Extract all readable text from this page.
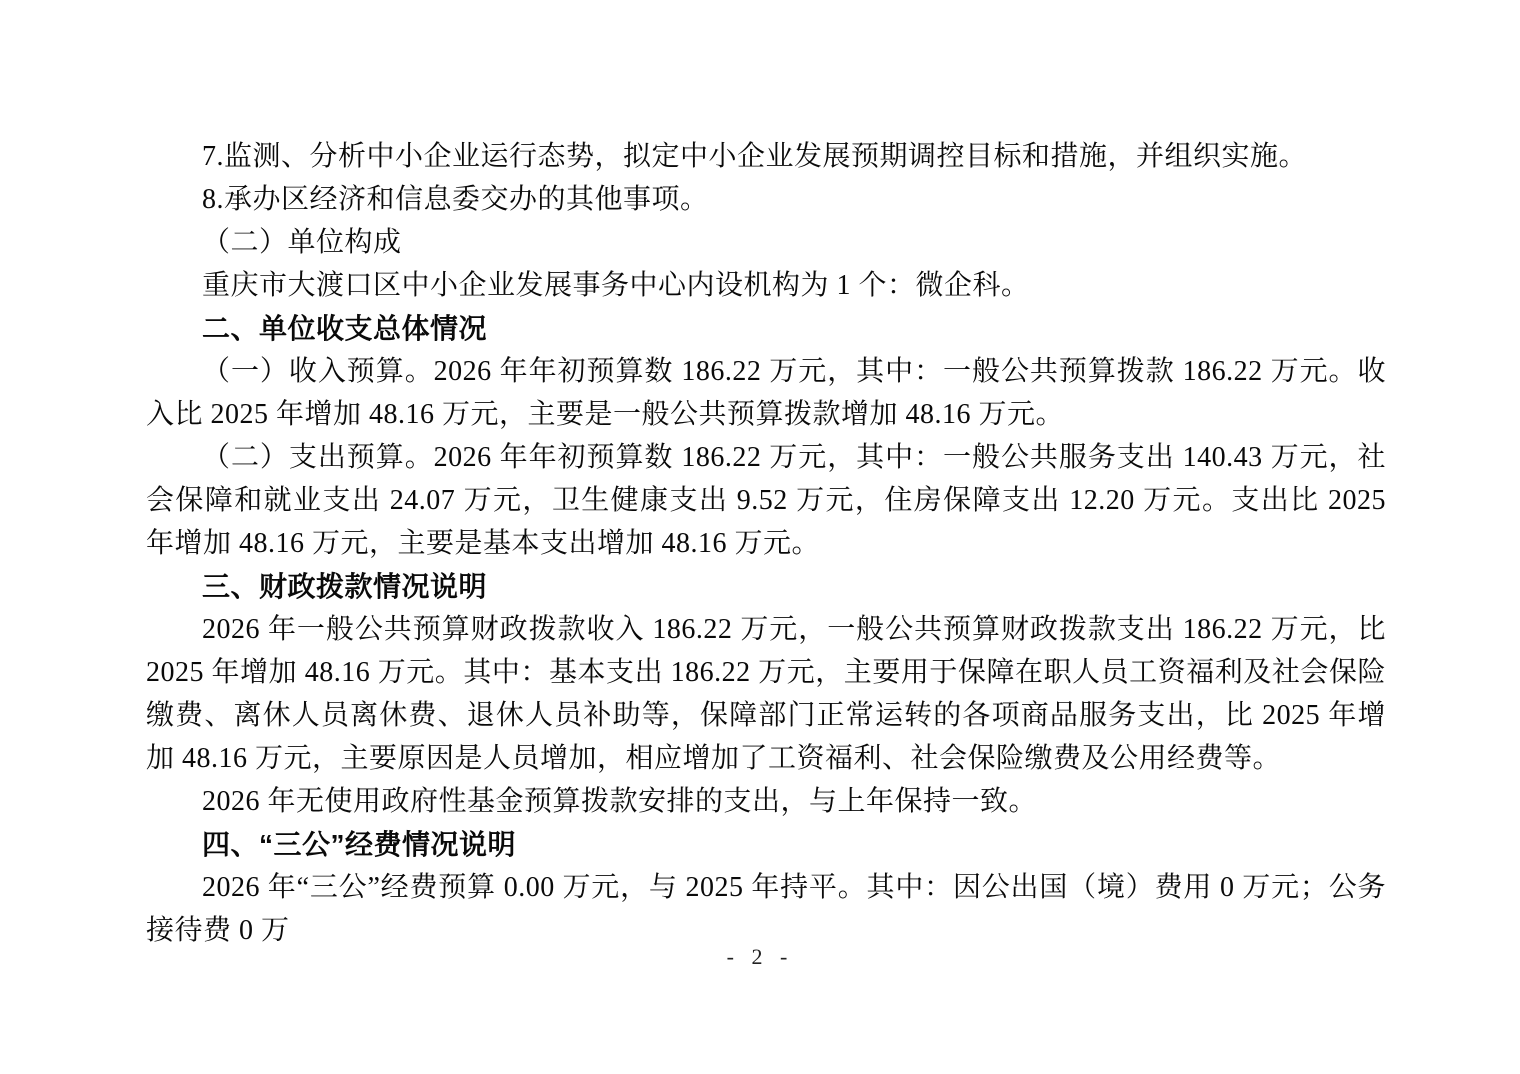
7.监测、分析中小企业运行态势，拟定中小企业发展预期调控目标和措施，并组织实施。

8.承办区经济和信息委交办的其他事项。

（二）单位构成

重庆市大渡口区中小企业发展事务中心内设机构为 1 个：微企科。

二、单位收支总体情况

（一）收入预算。2026 年年初预算数 186.22 万元，其中：一般公共预算拨款 186.22 万元。收入比 2025 年增加 48.16 万元，主要是一般公共预算拨款增加 48.16 万元。

（二）支出预算。2026 年年初预算数 186.22 万元，其中：一般公共服务支出 140.43 万元，社会保障和就业支出 24.07 万元，卫生健康支出 9.52 万元，住房保障支出 12.20 万元。支出比 2025 年增加 48.16 万元，主要是基本支出增加 48.16 万元。

三、财政拨款情况说明

2026 年一般公共预算财政拨款收入 186.22 万元，一般公共预算财政拨款支出 186.22 万元，比 2025 年增加 48.16 万元。其中：基本支出 186.22 万元，主要用于保障在职人员工资福利及社会保险缴费、离休人员离休费、退休人员补助等，保障部门正常运转的各项商品服务支出，比 2025 年增加 48.16 万元，主要原因是人员增加，相应增加了工资福利、社会保险缴费及公用经费等。

2026 年无使用政府性基金预算拨款安排的支出，与上年保持一致。

四、“三公”经费情况说明

2026 年“三公”经费预算 0.00 万元，与 2025 年持平。其中：因公出国（境）费用 0 万元；公务接待费 0 万

- 2 -
